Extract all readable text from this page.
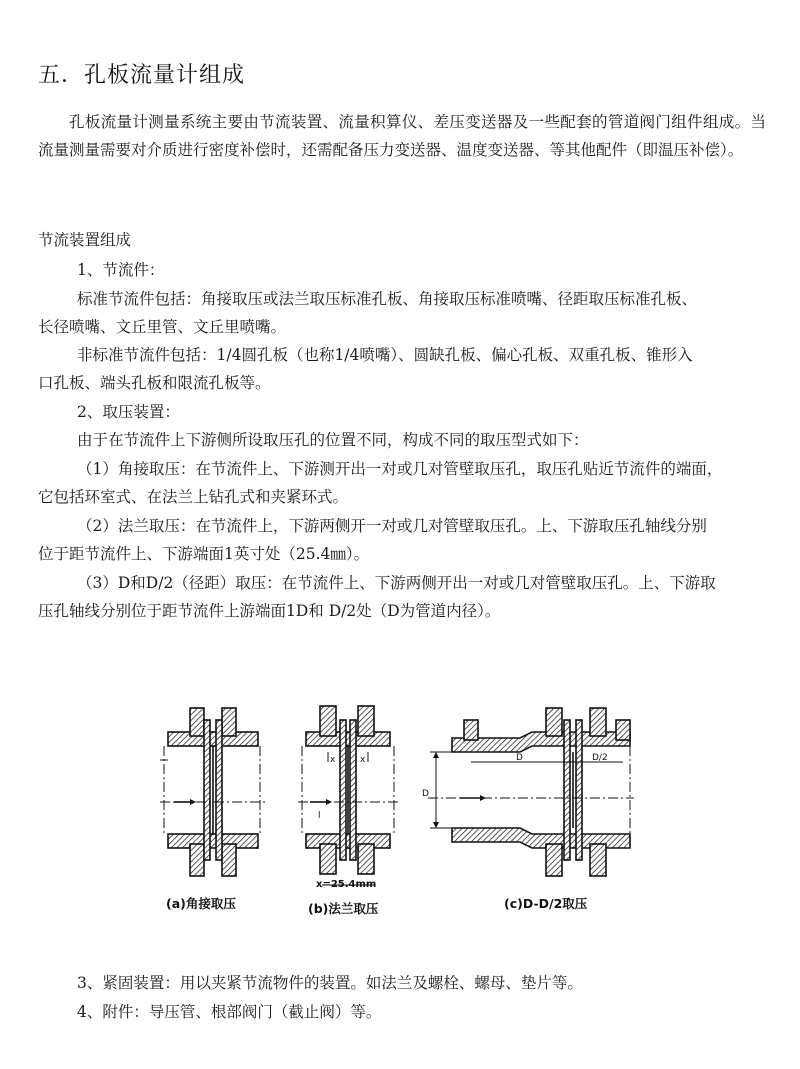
五．孔板流量计组成
孔板流量计测量系统主要由节流装置、流量积算仪、差压变送器及一些配套的管道阀门组件组成。当流量测量需要对介质进行密度补偿时，还需配备压力变送器、温度变送器、等其他配件（即温压补偿）。
节流装置组成
1、节流件：
标准节流件包括：角接取压或法兰取压标准孔板、角接取压标准喷嘴、径距取压标准孔板、
长径喷嘴、文丘里管、文丘里喷嘴。
非标准节流件包括：1/4圆孔板（也称1/4喷嘴）、圆缺孔板、偏心孔板、双重孔板、锥形入
口孔板、端头孔板和限流孔板等。
2、取压装置：
由于在节流件上下游侧所设取压孔的位置不同，构成不同的取压型式如下：
（1）角接取压：在节流件上、下游测开出一对或几对管壁取压孔，取压孔贴近节流件的端面，
它包括环室式、在法兰上钻孔式和夹紧环式。
（2）法兰取压：在节流件上，下游两侧开一对或几对管壁取压孔。上、下游取压孔轴线分别
位于距节流件上、下游端面1英寸处（25.4㎜）。
（3）D和D/2（径距）取压：在节流件上、下游两侧开出一对或几对管壁取压孔。上、下游取
压孔轴线分别位于距节流件上游端面1D和 D/2处（D为管道内径）。
x	x
l
D
D	D/2
(a)角接取压
x=25.4mm
(b)法兰取压	(c)D-D/2取压
3、紧固装置：用以夹紧节流物件的装置。如法兰及螺栓、螺母、垫片等。
4、附件：导压管、根部阀门（截止阀）等。
